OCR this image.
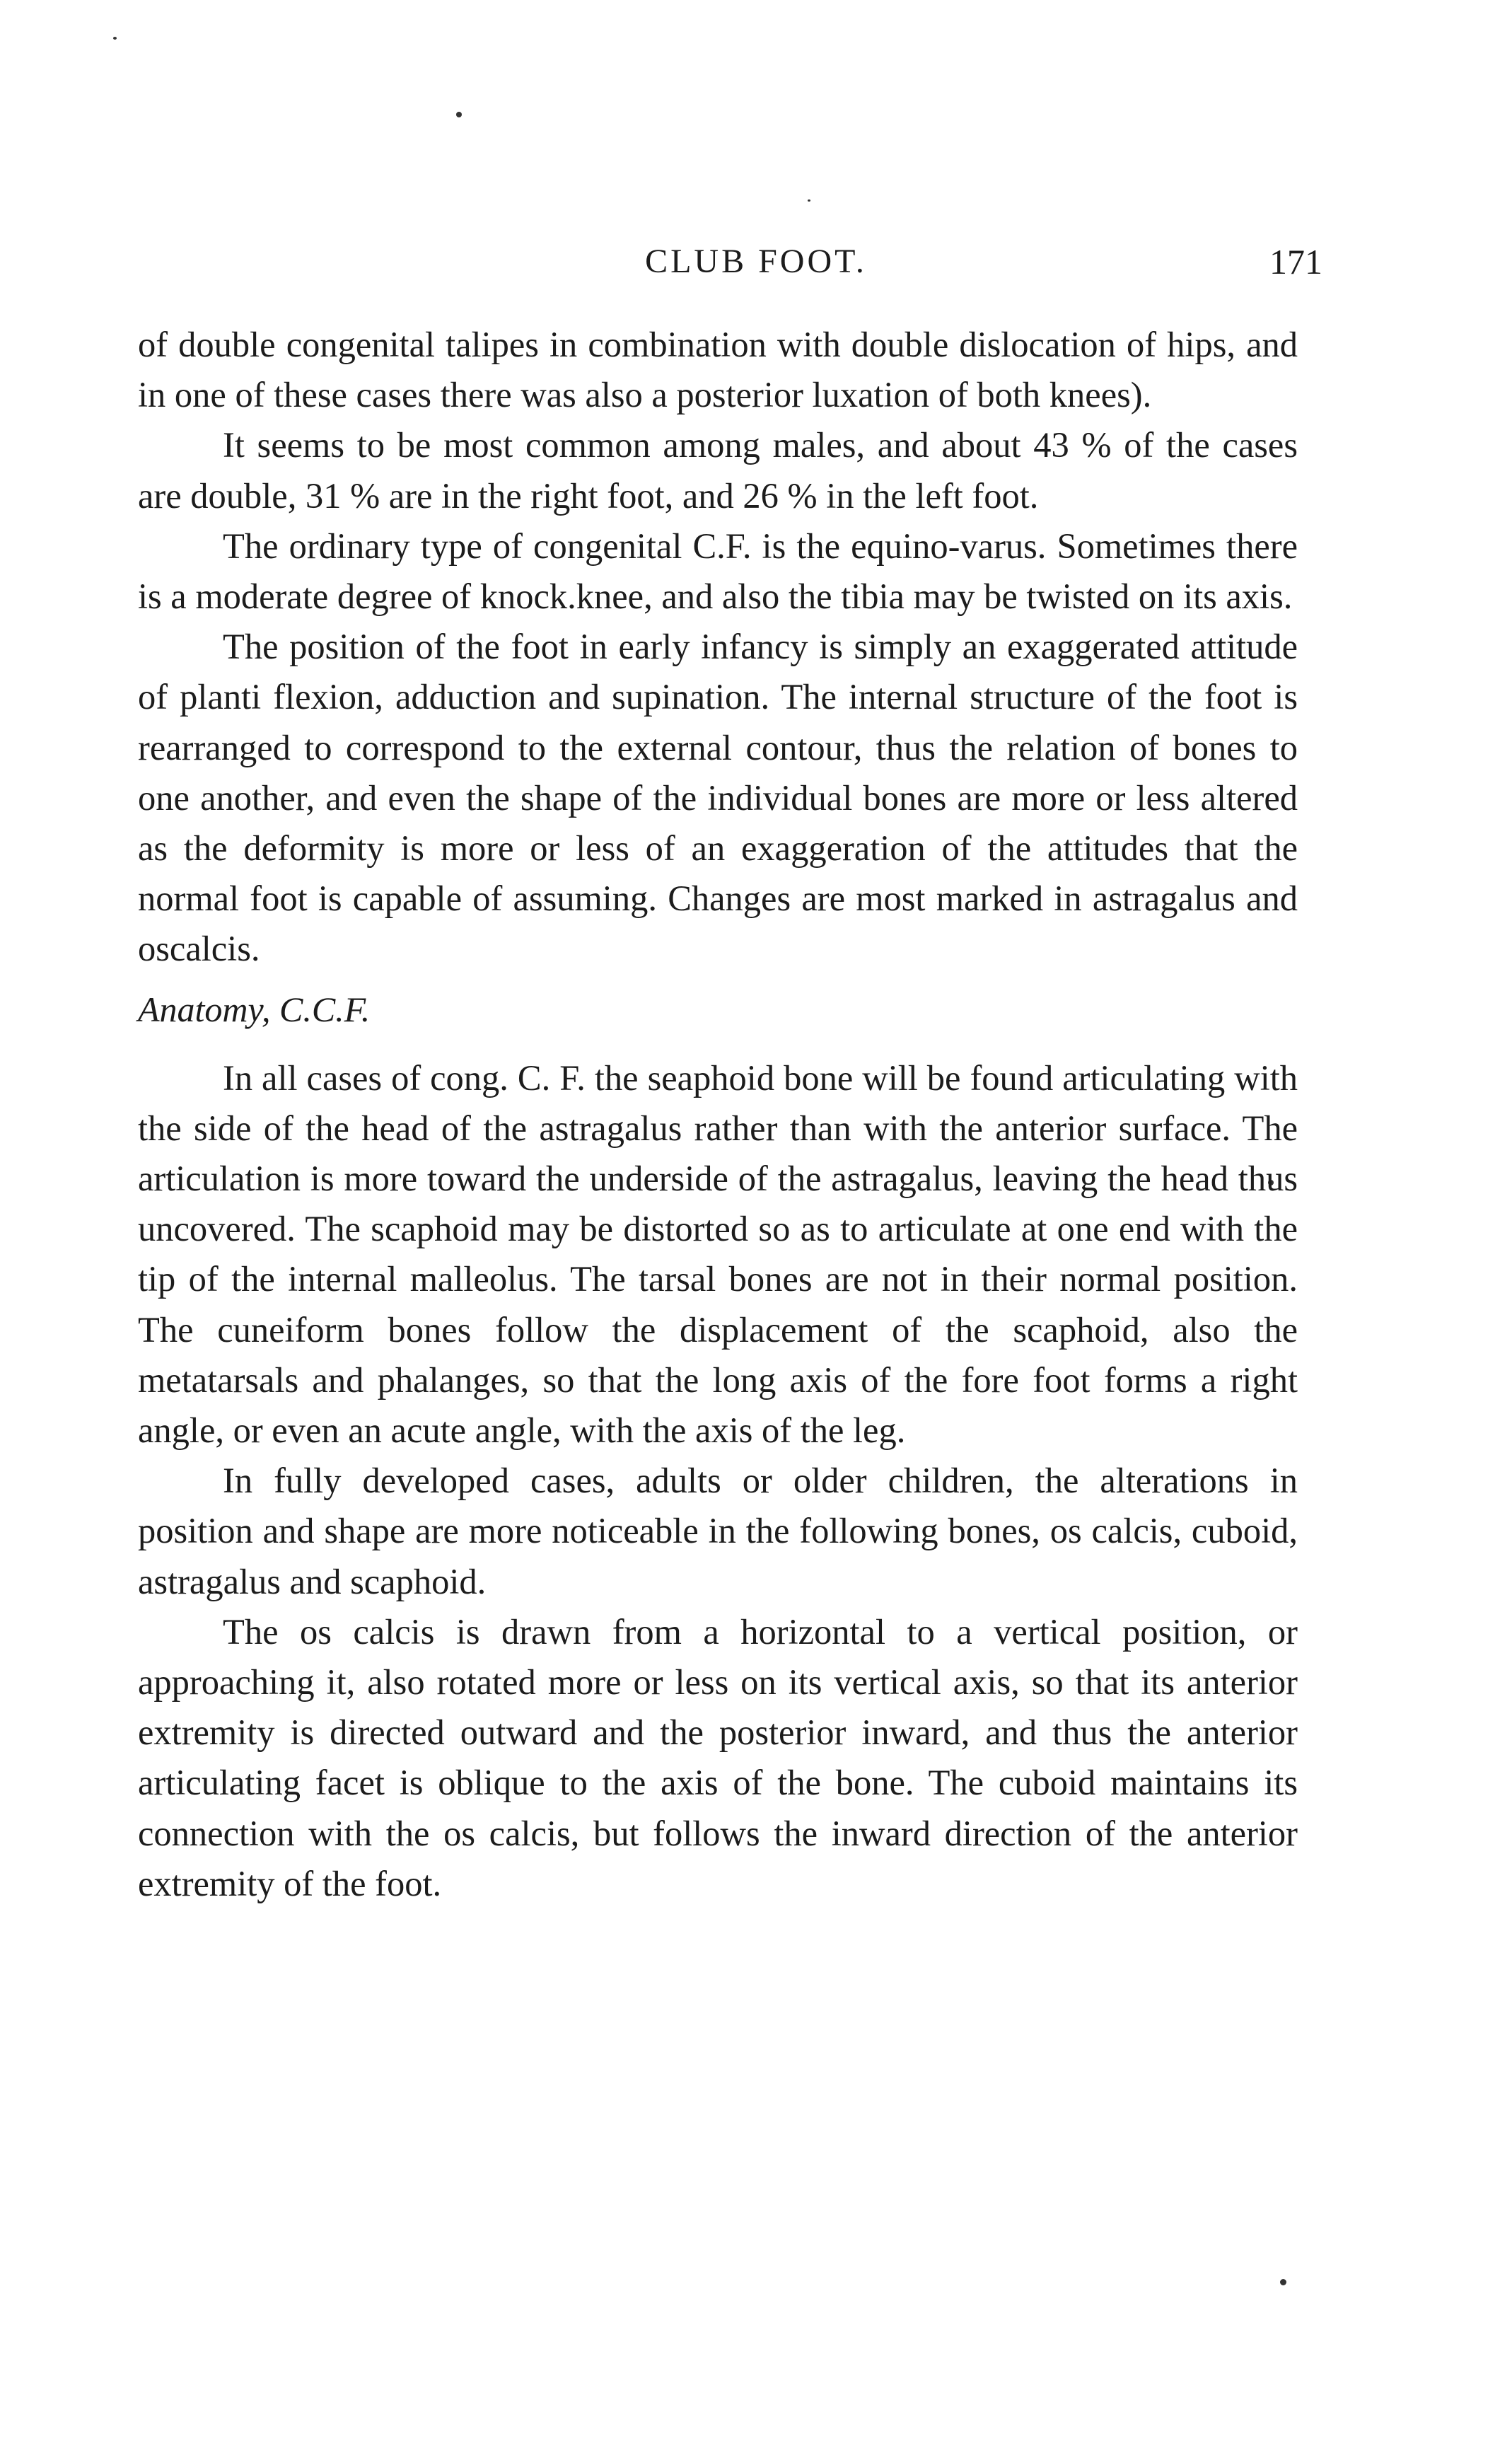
CLUB FOOT.	171

of double congenital talipes in combination with double dislocation of hips, and in one of these cases there was also a posterior luxation of both knees).

It seems to be most common among males, and about 43 % of the cases are double, 31 % are in the right foot, and 26 % in the left foot.

The ordinary type of congenital C.F. is the equino-varus. Sometimes there is a moderate degree of knock.knee, and also the tibia may be twisted on its axis.

The position of the foot in early infancy is simply an exaggerated attitude of planti flexion, adduction and supination. The internal structure of the foot is rearranged to correspond to the external contour, thus the relation of bones to one another, and even the shape of the individual bones are more or less altered as the deformity is more or less of an exaggeration of the attitudes that the normal foot is capable of assuming. Changes are most marked in astragalus and oscalcis.

Anatomy, C.C.F.

In all cases of cong. C. F. the seaphoid bone will be found articulating with the side of the head of the astragalus rather than with the anterior surface. The articulation is more toward the underside of the astragalus, leaving the head thus uncovered. The scaphoid may be distorted so as to articulate at one end with the tip of the internal malleolus. The tarsal bones are not in their normal position. The cuneiform bones follow the displacement of the scaphoid, also the metatarsals and phalanges, so that the long axis of the fore foot forms a right angle, or even an acute angle, with the axis of the leg.

In fully developed cases, adults or older children, the alterations in position and shape are more noticeable in the following bones, os calcis, cuboid, astragalus and scaphoid.

The os calcis is drawn from a horizontal to a vertical position, or approaching it, also rotated more or less on its vertical axis, so that its anterior extremity is directed outward and the posterior inward, and thus the anterior articulating facet is oblique to the axis of the bone. The cuboid maintains its connection with the os calcis, but follows the inward direction of the anterior extremity of the foot.
